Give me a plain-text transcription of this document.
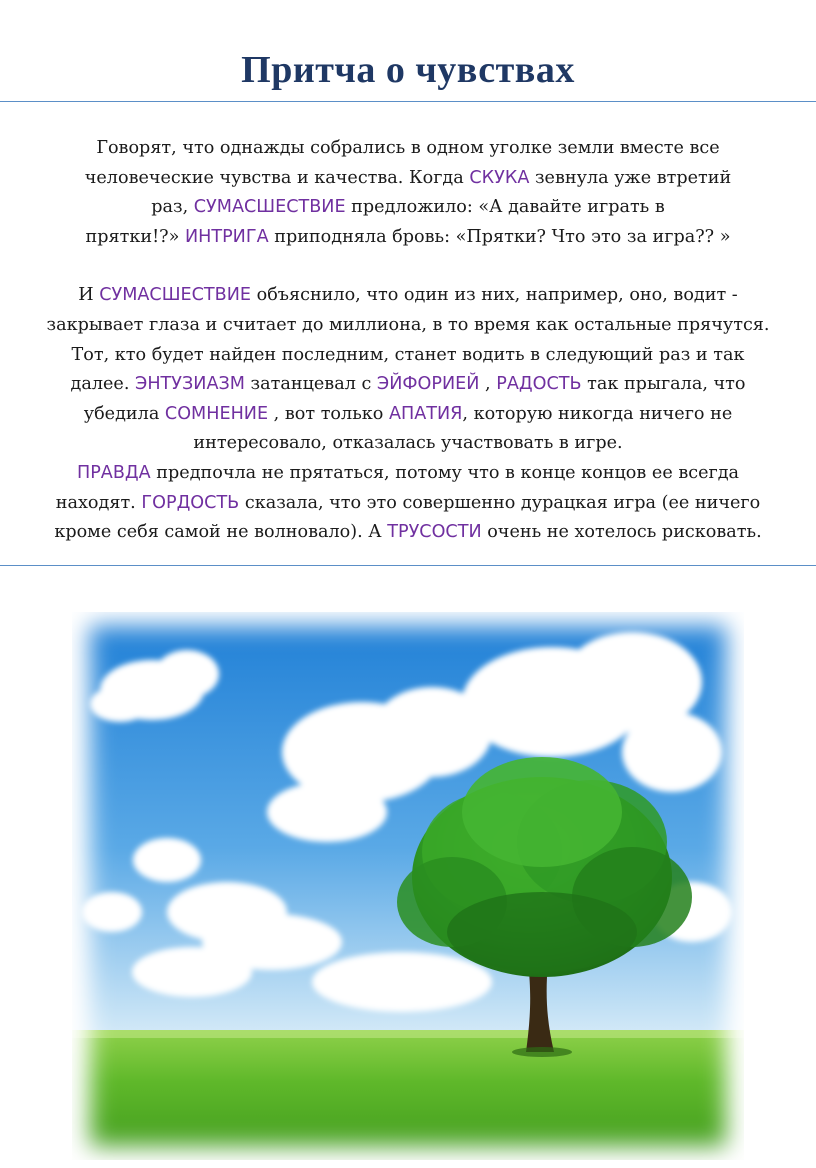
Притча о чувствах

Говорят, что однажды собрались в одном уголке земли вместе все
человеческие чувства и качества. Когда СКУКА зевнула уже втретий
раз, СУМАСШЕСТВИЕ предложило: «А давайте играть в
прятки!?» ИНТРИГА приподняла бровь: «Прятки? Что это за игра?? »

И СУМАСШЕСТВИЕ объяснило, что один из них, например, оно, водит -
закрывает глаза и считает до миллиона, в то время как остальные прячутся.
Тот, кто будет найден последним, станет водить в следующий раз и так
далее. ЭНТУЗИАЗМ затанцевал с ЭЙФОРИЕЙ , РАДОСТЬ так прыгала, что
убедила СОМНЕНИЕ , вот только АПАТИЯ, которую никогда ничего не
интересовало, отказалась участвовать в игре.
ПРАВДА предпочла не прятаться, потому что в конце концов ее всегда
находят. ГОРДОСТЬ сказала, что это совершенно дурацкая игра (ее ничего
кроме себя самой не волновало). А ТРУСОСТИ очень не хотелось рисковать.
